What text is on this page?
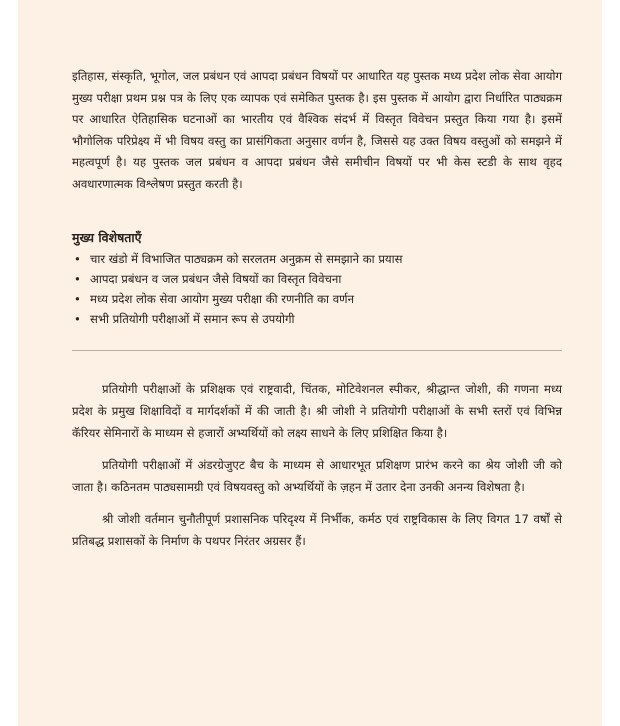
इतिहास, संस्कृति, भूगोल, जल प्रबंधन एवं आपदा प्रबंधन विषयों पर आधारित यह पुस्तक मध्य प्रदेश लोक सेवा आयोग मुख्य परीक्षा प्रथम प्रश्न पत्र के लिए एक व्यापक एवं समेकित पुस्तक है। इस पुस्तक में आयोग द्वारा निर्धारित पाठ्यक्रम पर आधारित ऐतिहासिक घटनाओं का भारतीय एवं वैश्विक संदर्भ में विस्तृत विवेचन प्रस्तुत किया गया है। इसमें भौगोलिक परिप्रेक्ष्य में भी विषय वस्तु का प्रासंगिकता अनुसार वर्णन है, जिससे यह उक्त विषय वस्तुओं को समझने में महत्वपूर्ण है। यह पुस्तक जल प्रबंधन व आपदा प्रबंधन जैसे समीचीन विषयों पर भी केस स्टडी के साथ वृहद अवधारणात्मक विश्लेषण प्रस्तुत करती है।

मुख्य विशेषताएँ
• चार खंडो में विभाजित पाठ्यक्रम को सरलतम अनुक्रम से समझाने का प्रयास
• आपदा प्रबंधन व जल प्रबंधन जैसे विषयों का विस्तृत विवेचना
• मध्य प्रदेश लोक सेवा आयोग मुख्य परीक्षा की रणनीति का वर्णन
• सभी प्रतियोगी परीक्षाओं में समान रूप से उपयोगी

प्रतियोगी परीक्षाओं के प्रशिक्षक एवं राष्ट्रवादी, चिंतक, मोटिवेशनल स्पीकर, श्रीद्धान्त जोशी, की गणना मध्य प्रदेश के प्रमुख शिक्षाविदों व मार्गदर्शकों में की जाती है। श्री जोशी ने प्रतियोगी परीक्षाओं के सभी स्तरों एवं विभिन्न कॅरियर सेमिनारों के माध्यम से हजारों अभ्यर्थियों को लक्ष्य साधने के लिए प्रशिक्षित किया है।

प्रतियोगी परीक्षाओं में अंडरग्रेजुएट बैच के माध्यम से आधारभूत प्रशिक्षण प्रारंभ करने का श्रेय जोशी जी को जाता है। कठिनतम पाठ्यसामग्री एवं विषयवस्तु को अभ्यर्थियों के ज़हन में उतार देना उनकी अनन्य विशेषता है।

श्री जोशी वर्तमान चुनौतीपूर्ण प्रशासनिक परिदृश्य में निर्भीक, कर्मठ एवं राष्ट्रविकास के लिए विगत 17 वर्षों से प्रतिबद्ध प्रशासकों के निर्माण के पथपर निरंतर अग्रसर हैं।
